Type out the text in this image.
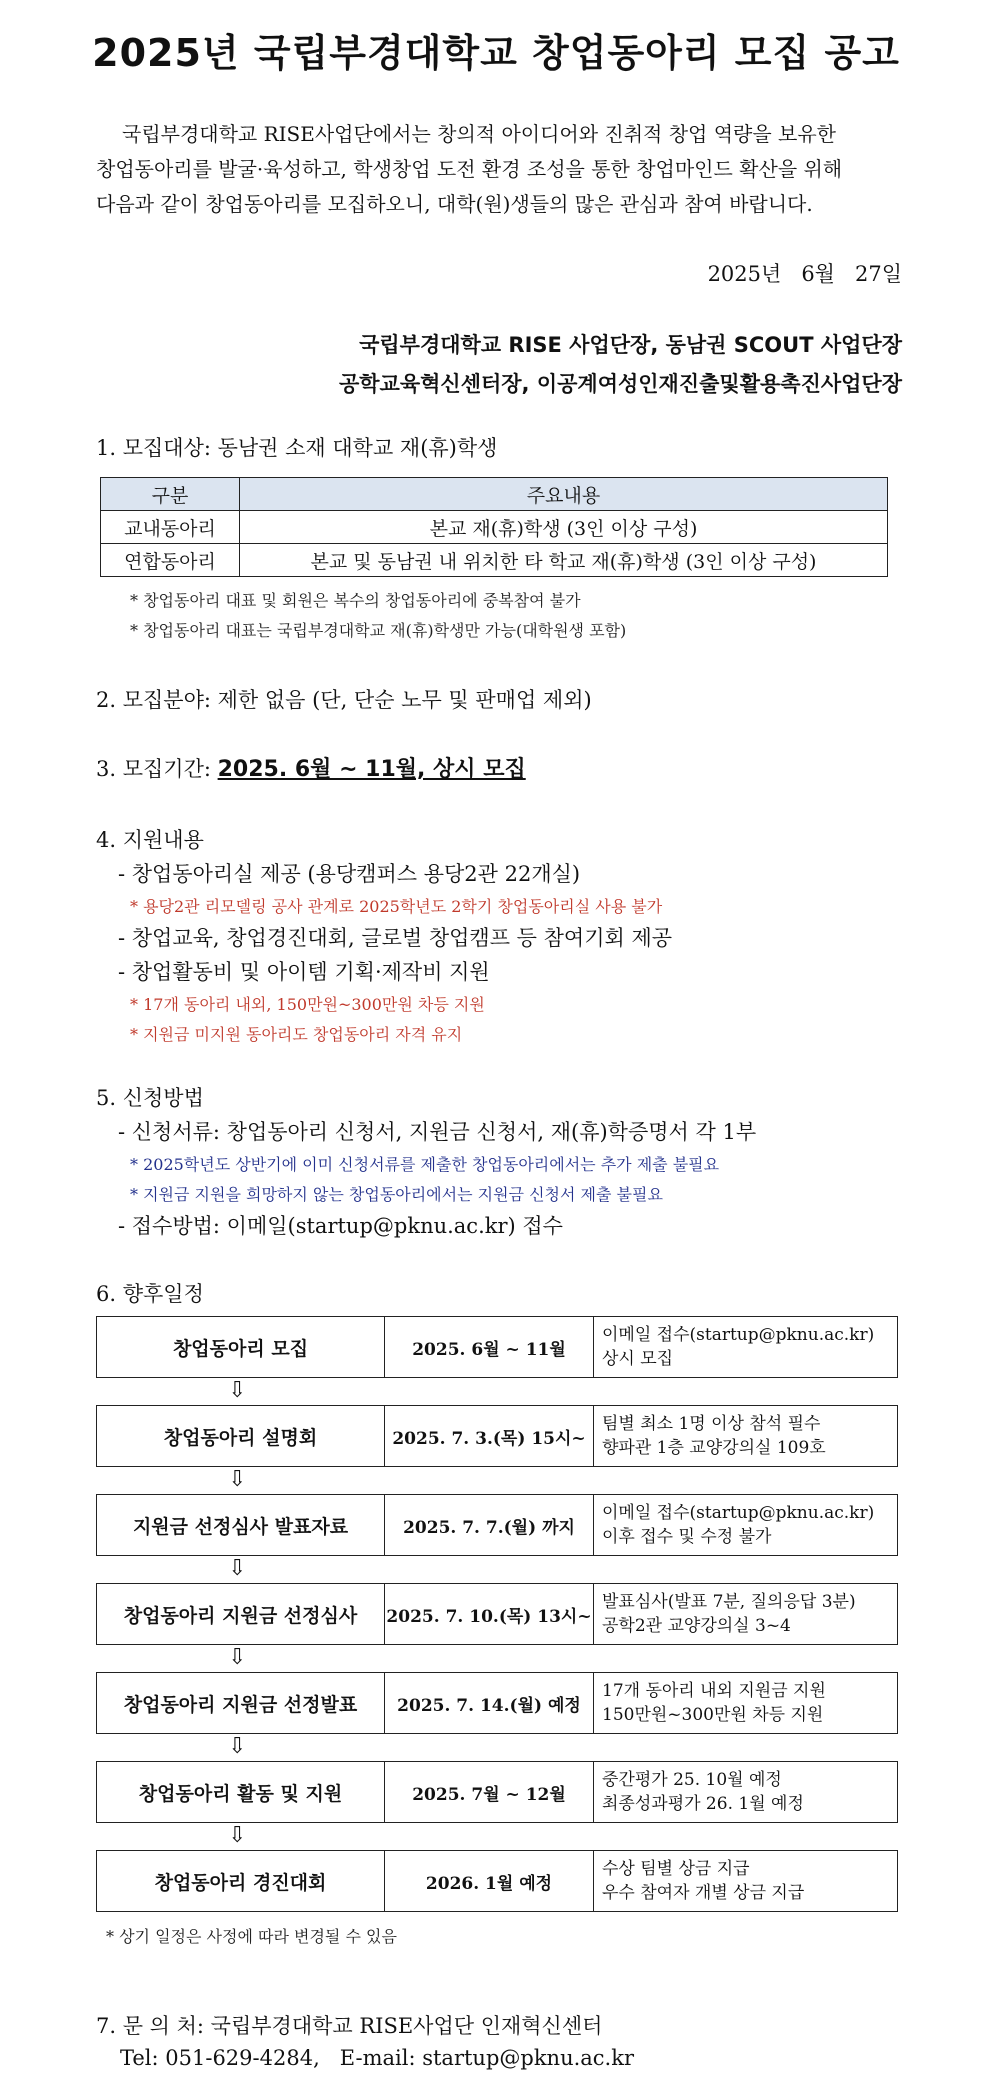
2025년 국립부경대학교 창업동아리 모집 공고

국립부경대학교 RISE사업단에서는 창의적 아이디어와 진취적 창업 역량을 보유한

창업동아리를 발굴·육성하고, 학생창업 도전 환경 조성을 통한 창업마인드 확산을 위해

다음과 같이 창업동아리를 모집하오니, 대학(원)생들의 많은 관심과 참여 바랍니다.

2025년   6월   27일
국립부경대학교 RISE 사업단장, 동남권 SCOUT 사업단장
공학교육혁신센터장, 이공계여성인재진출및활용촉진사업단장
1. 모집대상: 동남권 소재 대학교 재(휴)학생
구분	주요내용
교내동아리	본교 재(휴)학생 (3인 이상 구성)
연합동아리	본교 및 동남권 내 위치한 타 학교 재(휴)학생 (3인 이상 구성)
* 창업동아리 대표 및 회원은 복수의 창업동아리에 중복참여 불가
* 창업동아리 대표는 국립부경대학교 재(휴)학생만 가능(대학원생 포함)
2. 모집분야: 제한 없음 (단, 단순 노무 및 판매업 제외)
3. 모집기간: 2025. 6월 ~ 11월, 상시 모집
4. 지원내용
- 창업동아리실 제공 (용당캠퍼스 용당2관 22개실)
* 용당2관 리모델링 공사 관계로 2025학년도 2학기 창업동아리실 사용 불가
- 창업교육, 창업경진대회, 글로벌 창업캠프 등 참여기회 제공
- 창업활동비 및 아이템 기획·제작비 지원
* 17개 동아리 내외, 150만원~300만원 차등 지원
* 지원금 미지원 동아리도 창업동아리 자격 유지
5. 신청방법
- 신청서류: 창업동아리 신청서, 지원금 신청서, 재(휴)학증명서 각 1부
* 2025학년도 상반기에 이미 신청서류를 제출한 창업동아리에서는 추가 제출 불필요
* 지원금 지원을 희망하지 않는 창업동아리에서는 지원금 신청서 제출 불필요
- 접수방법: 이메일(startup@pknu.ac.kr) 접수
6. 향후일정
창업동아리 모집	2025. 6월 ~ 11월
이메일 접수(startup@pknu.ac.kr)
상시 모집
⇩
창업동아리 설명회	2025. 7. 3.(목) 15시~
팀별 최소 1명 이상 참석 필수
향파관 1층 교양강의실 109호
⇩
지원금 선정심사 발표자료	2025. 7. 7.(월) 까지
이메일 접수(startup@pknu.ac.kr)
이후 접수 및 수정 불가
⇩
창업동아리 지원금 선정심사	2025. 7. 10.(목) 13시~
발표심사(발표 7분, 질의응답 3분)
공학2관 교양강의실 3~4
⇩
창업동아리 지원금 선정발표	2025. 7. 14.(월) 예정
17개 동아리 내외 지원금 지원
150만원~300만원 차등 지원
⇩
창업동아리 활동 및 지원	2025. 7월 ~ 12월
중간평가 25. 10월 예정
최종성과평가 26. 1월 예정
⇩
창업동아리 경진대회	2026. 1월 예정
수상 팀별 상금 지급
우수 참여자 개별 상금 지급
* 상기 일정은 사정에 따라 변경될 수 있음
7. 문 의 처: 국립부경대학교 RISE사업단 인재혁신센터
Tel: 051-629-4284,   E-mail: startup@pknu.ac.kr
